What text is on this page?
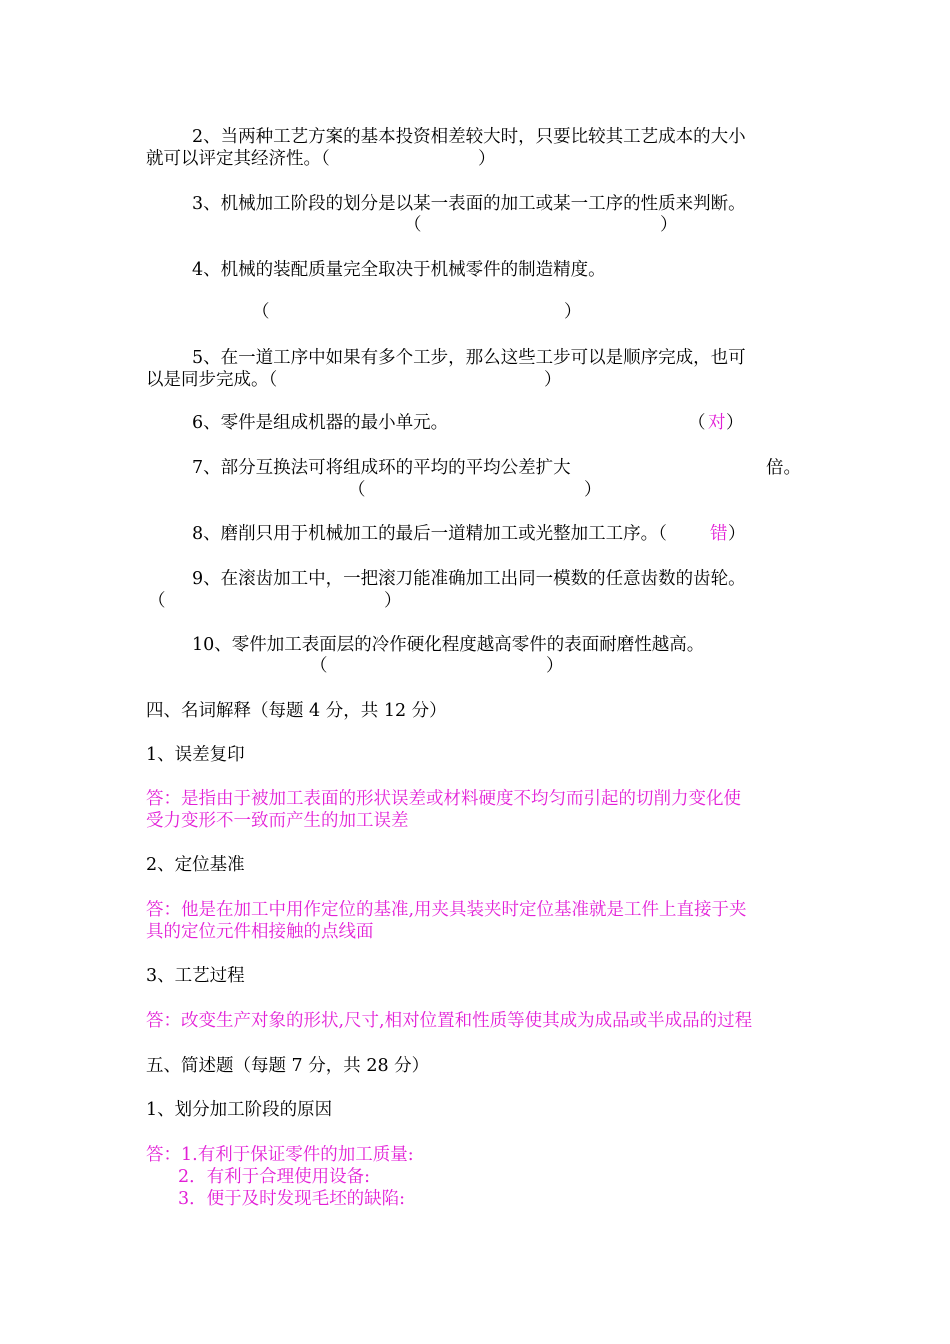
2、当两种工艺方案的基本投资相差较大时，只要比较其工艺成本的大小
就可以评定其经济性。（	）
3、机械加工阶段的划分是以某一表面的加工或某一工序的性质来判断。
（	）
4、机械的装配质量完全取决于机械零件的制造精度。
（	）
5、在一道工序中如果有多个工步，那么这些工步可以是顺序完成，也可
以是同步完成。（	）
6、零件是组成机器的最小单元。	（ 对 ）
7、部分互换法可将组成环的平均的平均公差扩大	倍。
（	）
8、磨削只用于机械加工的最后一道精加工或光整加工工序。（ 错 ）
9、在滚齿加工中，一把滚刀能准确加工出同一模数的任意齿数的齿轮。
（	）
10、零件加工表面层的冷作硬化程度越高零件的表面耐磨性越高。
（	）
四、名词解释（每题 4 分，共 12 分）
1、误差复印
答：是指由于被加工表面的形状误差或材料硬度不均匀而引起的切削力变化使
受力变形不一致而产生的加工误差
2、定位基准
答：他是在加工中用作定位的基准,用夹具装夹时定位基准就是工件上直接于夹
具的定位元件相接触的点线面
3、工艺过程
答：改变生产对象的形状,尺寸,相对位置和性质等使其成为成品或半成品的过程
五、简述题（每题 7 分，共 28 分）
1、划分加工阶段的原因
答：1.有利于保证零件的加工质量:
2．有利于合理使用设备:
3．便于及时发现毛坯的缺陷:
